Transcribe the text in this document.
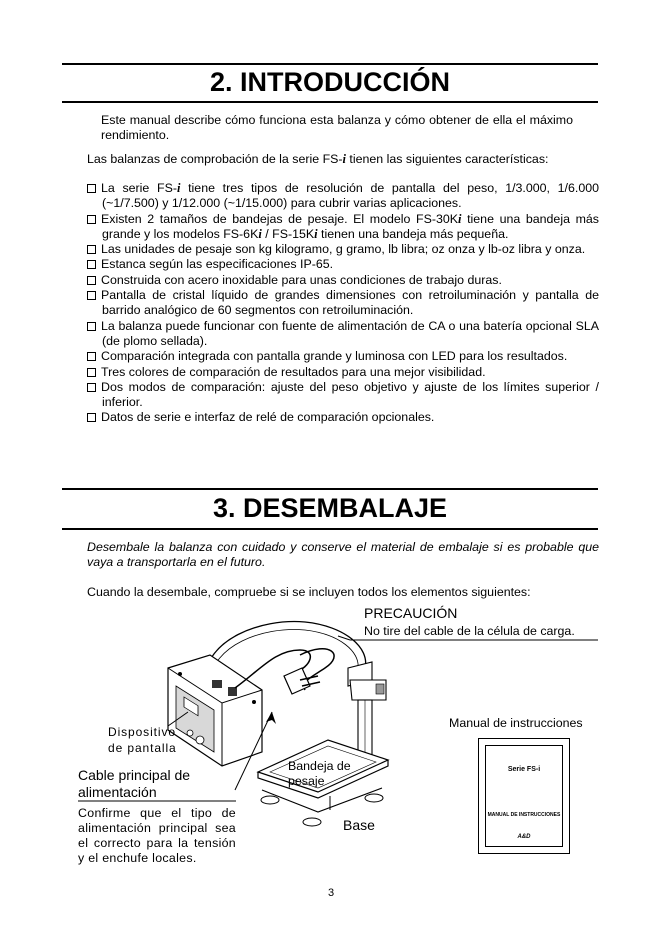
2. INTRODUCCIÓN
Este manual describe cómo funciona esta balanza y cómo obtener de ella el máximo rendimiento.
Las balanzas de comprobación de la serie FS-i tienen las siguientes características:
La serie FS-i tiene tres tipos de resolución de pantalla del peso, 1/3.000, 1/6.000 (~1/7.500) y 1/12.000 (~1/15.000) para cubrir varias aplicaciones.
Existen 2 tamaños de bandejas de pesaje. El modelo FS-30Ki tiene una bandeja más grande y los modelos FS-6Ki / FS-15Ki tienen una bandeja más pequeña.
Las unidades de pesaje son kg kilogramo, g gramo, lb libra; oz onza y lb-oz libra y onza.
Estanca según las especificaciones IP-65.
Construida con acero inoxidable para unas condiciones de trabajo duras.
Pantalla de cristal líquido de grandes dimensiones con retroiluminación y pantalla de barrido analógico de 60 segmentos con retroiluminación.
La balanza puede funcionar con fuente de alimentación de CA o una batería opcional SLA (de plomo sellada).
Comparación integrada con pantalla grande y luminosa con LED para los resultados.
Tres colores de comparación de resultados para una mejor visibilidad.
Dos modos de comparación: ajuste del peso objetivo y ajuste de los límites superior / inferior.
Datos de serie e interfaz de relé de comparación opcionales.
3. DESEMBALAJE
Desembale la balanza con cuidado y conserve el material de embalaje si es probable que vaya a transportarla en el futuro.
Cuando la desembale, compruebe si se incluyen todos los elementos siguientes:
PRECAUCIÓN
No tire del cable de la célula de carga.
Manual de instrucciones
Serie FS-i
MANUAL DE INSTRUCCIONES
A&D
Dispositivo
de pantalla
Cable principal de alimentación
Confirme que el tipo de alimentación principal sea el correcto para la tensión y el enchufe locales.
Bandeja de
pesaje
Base
3
